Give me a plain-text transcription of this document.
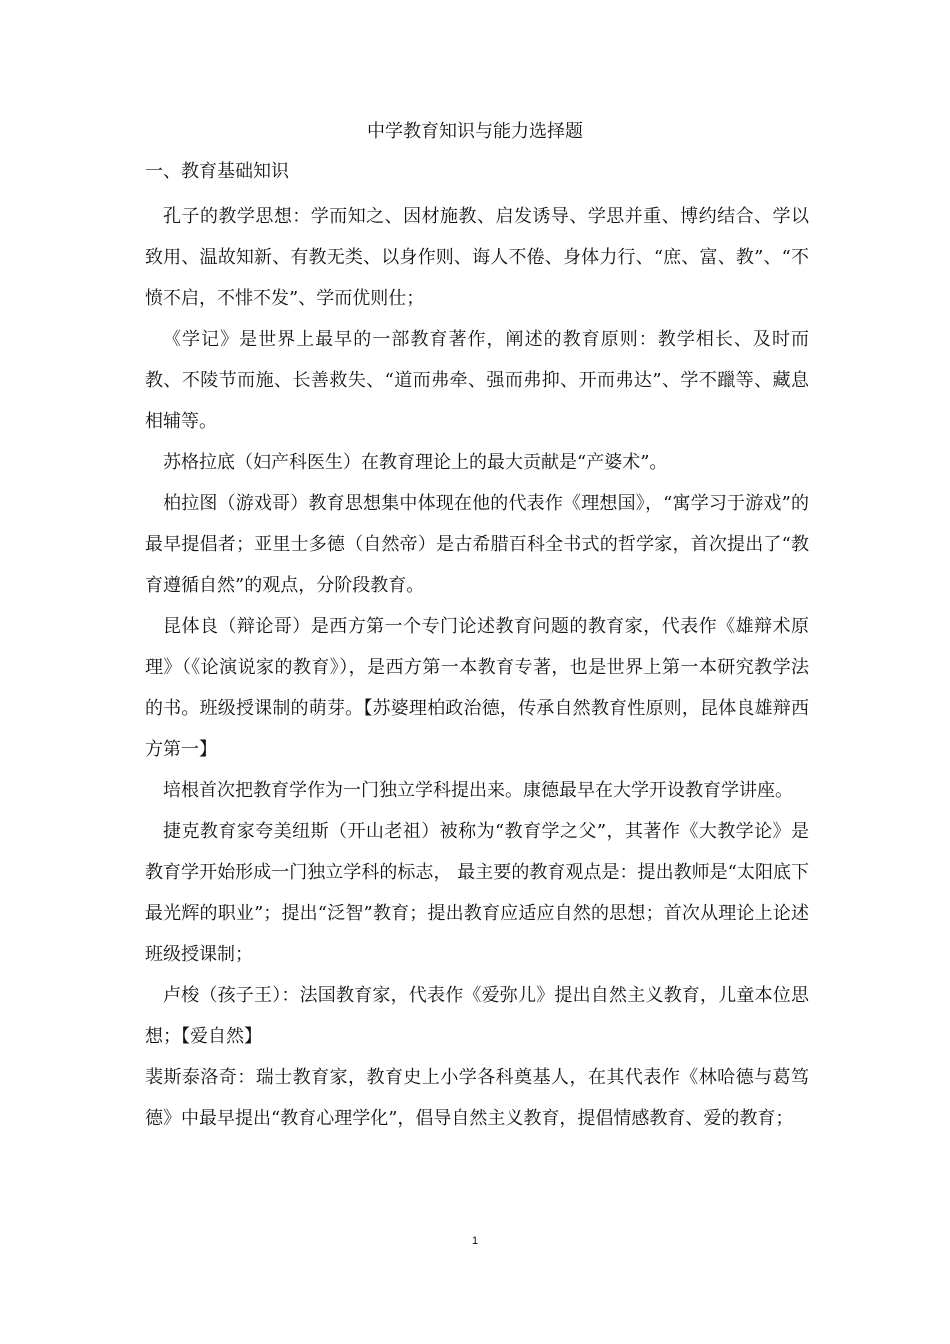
中学教育知识与能力选择题
一、教育基础知识

孔子的教学思想：学而知之、因材施教、启发诱导、学思并重、博约结合、学以致用、温故知新、有教无类、以身作则、诲人不倦、身体力行、“庶、富、教”、“不愤不启，不悱不发”、学而优则仕；

《学记》是世界上最早的一部教育著作，阐述的教育原则：教学相长、及时而教、不陵节而施、长善救失、“道而弗牵、强而弗抑、开而弗达”、学不躐等、藏息相辅等。

苏格拉底（妇产科医生）在教育理论上的最大贡献是“产婆术”。

柏拉图（游戏哥）教育思想集中体现在他的代表作《理想国》，“寓学习于游戏”的最早提倡者；亚里士多德（自然帝）是古希腊百科全书式的哲学家，首次提出了“教育遵循自然”的观点，分阶段教育。

昆体良（辩论哥）是西方第一个专门论述教育问题的教育家，代表作《雄辩术原理》（《论演说家的教育》），是西方第一本教育专著，也是世界上第一本研究教学法的书。班级授课制的萌芽。【苏婆理柏政治德，传承自然教育性原则，昆体良雄辩西方第一】

培根首次把教育学作为一门独立学科提出来。康德最早在大学开设教育学讲座。

捷克教育家夸美纽斯（开山老祖）被称为“教育学之父”，其著作《大教学论》是教育学开始形成一门独立学科的标志， 最主要的教育观点是：提出教师是“太阳底下最光辉的职业”；提出“泛智”教育；提出教育应适应自然的思想；首次从理论上论述班级授课制；

卢梭（孩子王）：法国教育家，代表作《爱弥儿》提出自然主义教育，儿童本位思想；【爱自然】

裴斯泰洛奇：瑞士教育家，教育史上小学各科奠基人，在其代表作《林哈德与葛笃德》中最早提出“教育心理学化”，倡导自然主义教育，提倡情感教育、爱的教育；

1
